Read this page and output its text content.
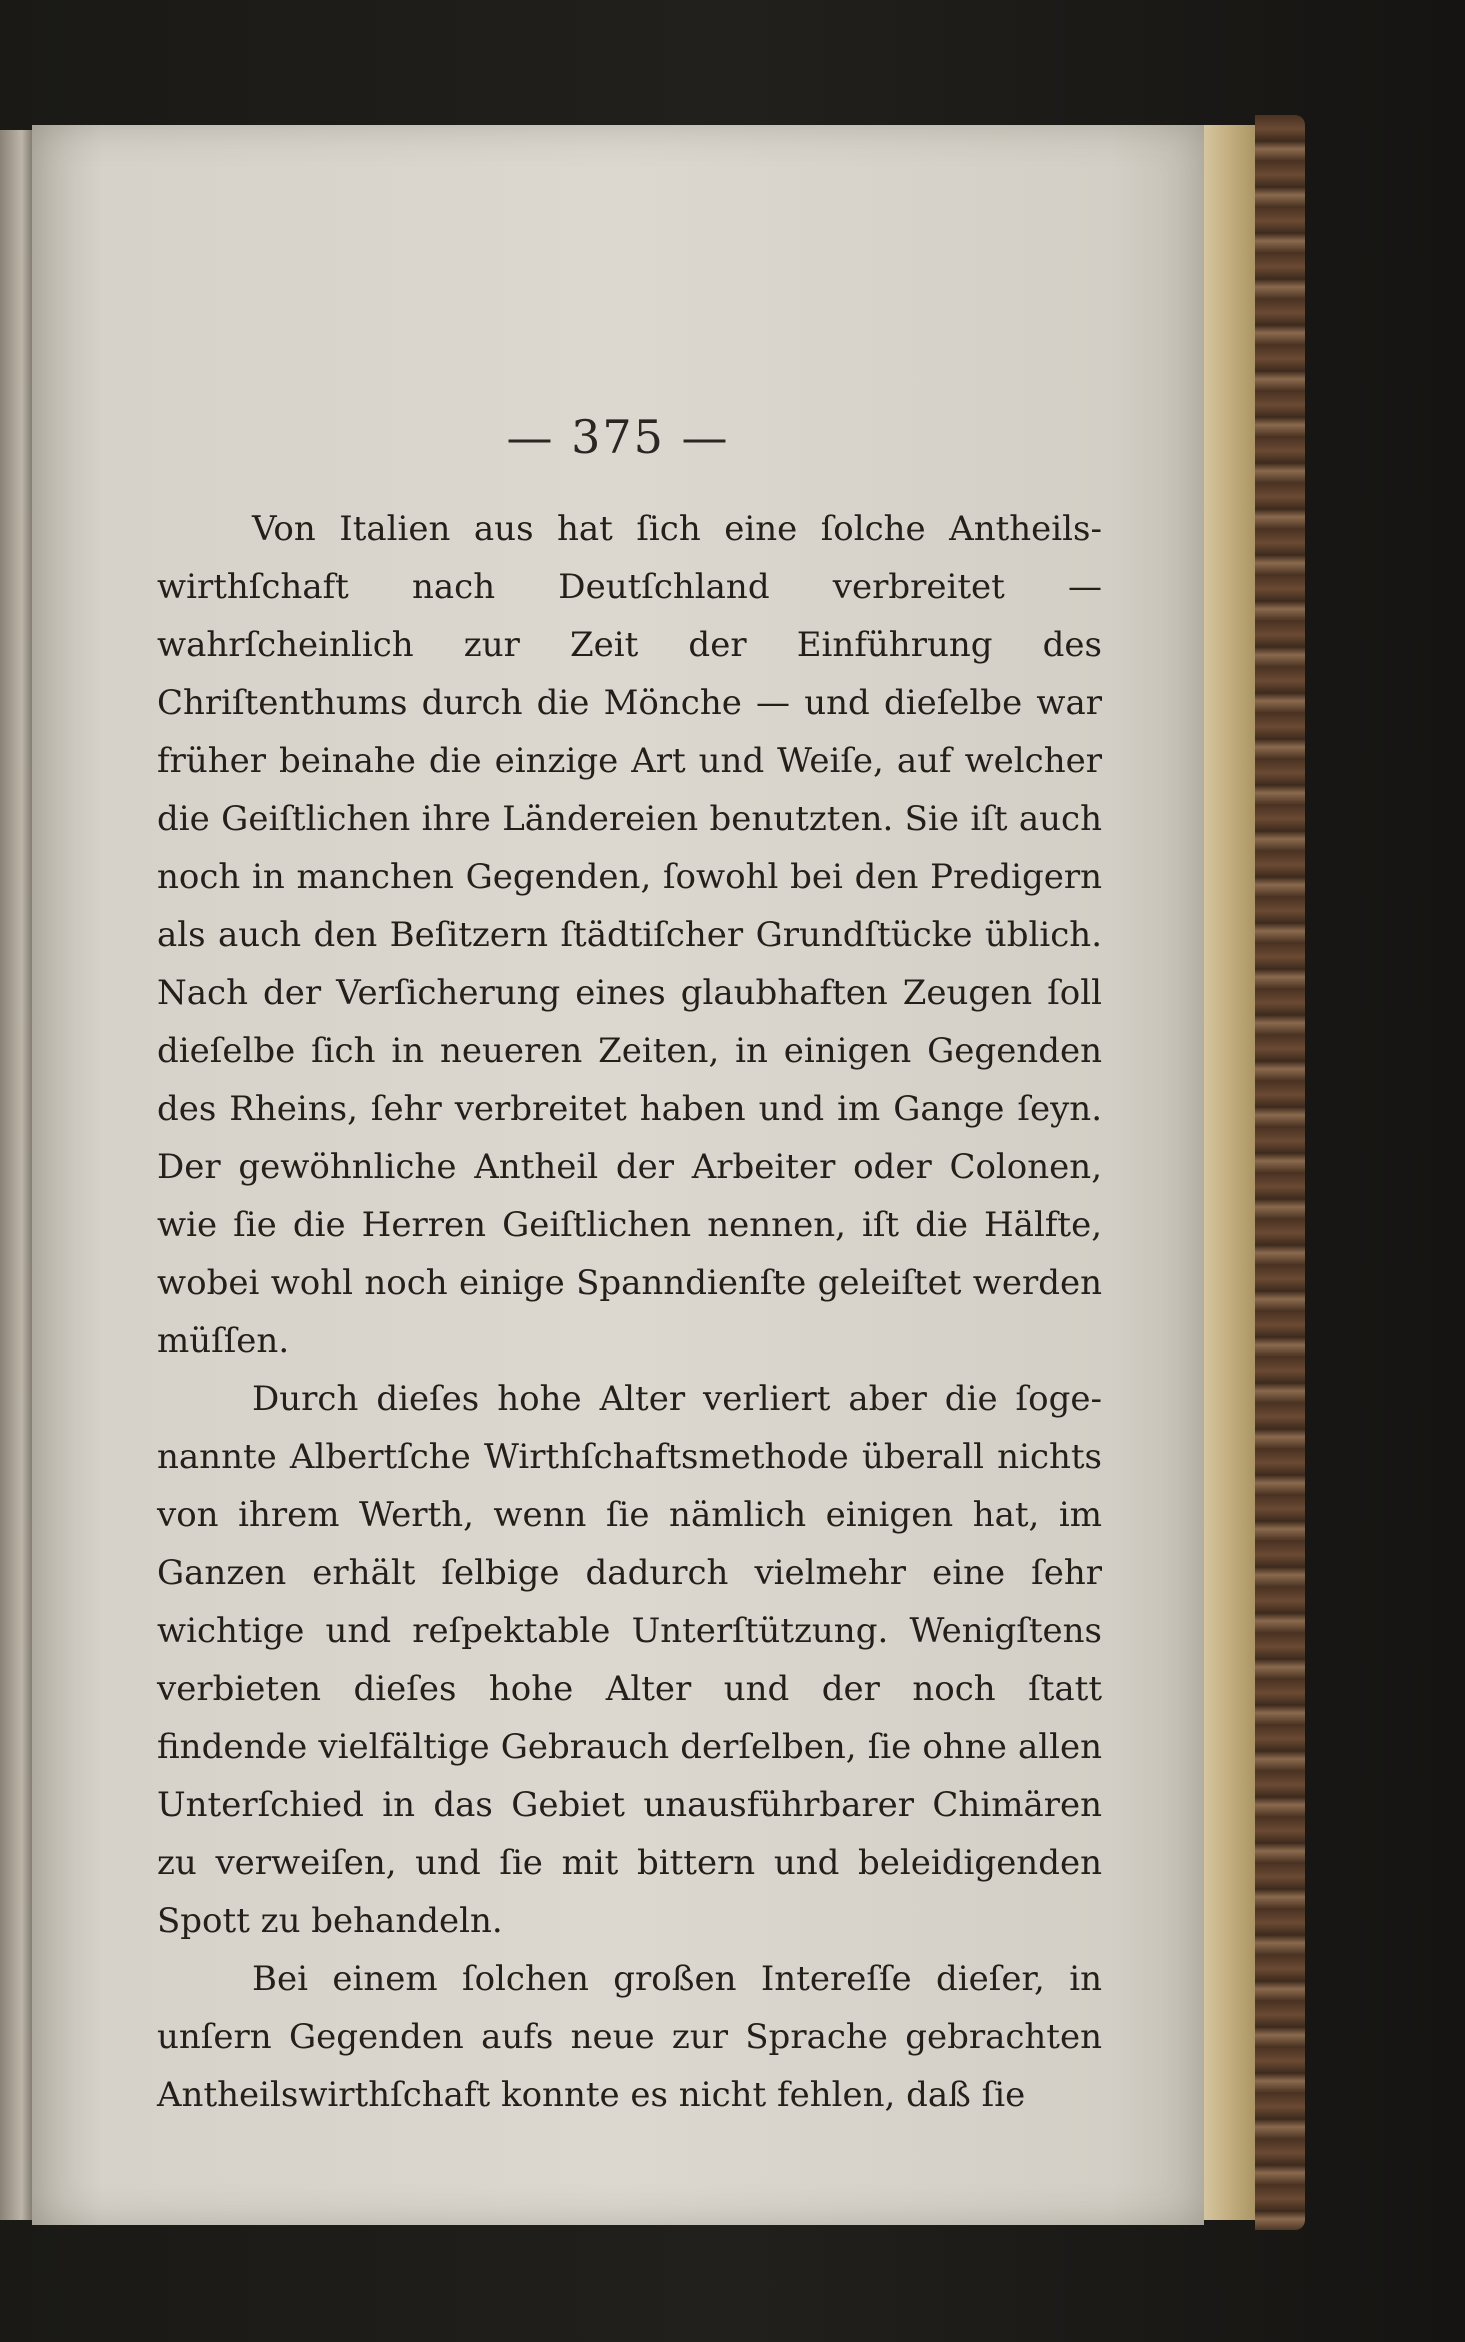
— 375 —

Von Italien aus hat ſich eine ſolche Antheilswirthſchaft nach Deutſchland verbreitet — wahrſcheinlich zur Zeit der Einführung des Chriſtenthums durch die Mönche — und dieſelbe war früher beinahe die einzige Art und Weiſe, auf welcher die Geiſtlichen ihre Ländereien benutzten. Sie iſt auch noch in manchen Gegenden, ſowohl bei den Predigern als auch den Beſitzern ſtädtiſcher Grundſtücke üblich. Nach der Verſicherung eines glaubhaften Zeugen ſoll dieſelbe ſich in neueren Zeiten, in einigen Gegenden des Rheins, ſehr verbreitet haben und im Gange ſeyn. Der gewöhnliche Antheil der Arbeiter oder Colonen, wie ſie die Herren Geiſtlichen nennen, iſt die Hälfte, wobei wohl noch einige Spanndienſte geleiſtet werden müſſen.

Durch dieſes hohe Alter verliert aber die ſogenannte Albertſche Wirthſchaftsmethode überall nichts von ihrem Werth, wenn ſie nämlich einigen hat, im Ganzen erhält ſelbige dadurch vielmehr eine ſehr wichtige und reſpektable Unterſtützung. Wenigſtens verbieten dieſes hohe Alter und der noch ſtatt findende vielfältige Gebrauch derſelben, ſie ohne allen Unterſchied in das Gebiet unausführbarer Chimären zu verweiſen, und ſie mit bittern und beleidigenden Spott zu behandeln.

Bei einem ſolchen großen Intereſſe dieſer, in unſern Gegenden aufs neue zur Sprache gebrachten Antheilswirthſchaft konnte es nicht fehlen, daß ſie
